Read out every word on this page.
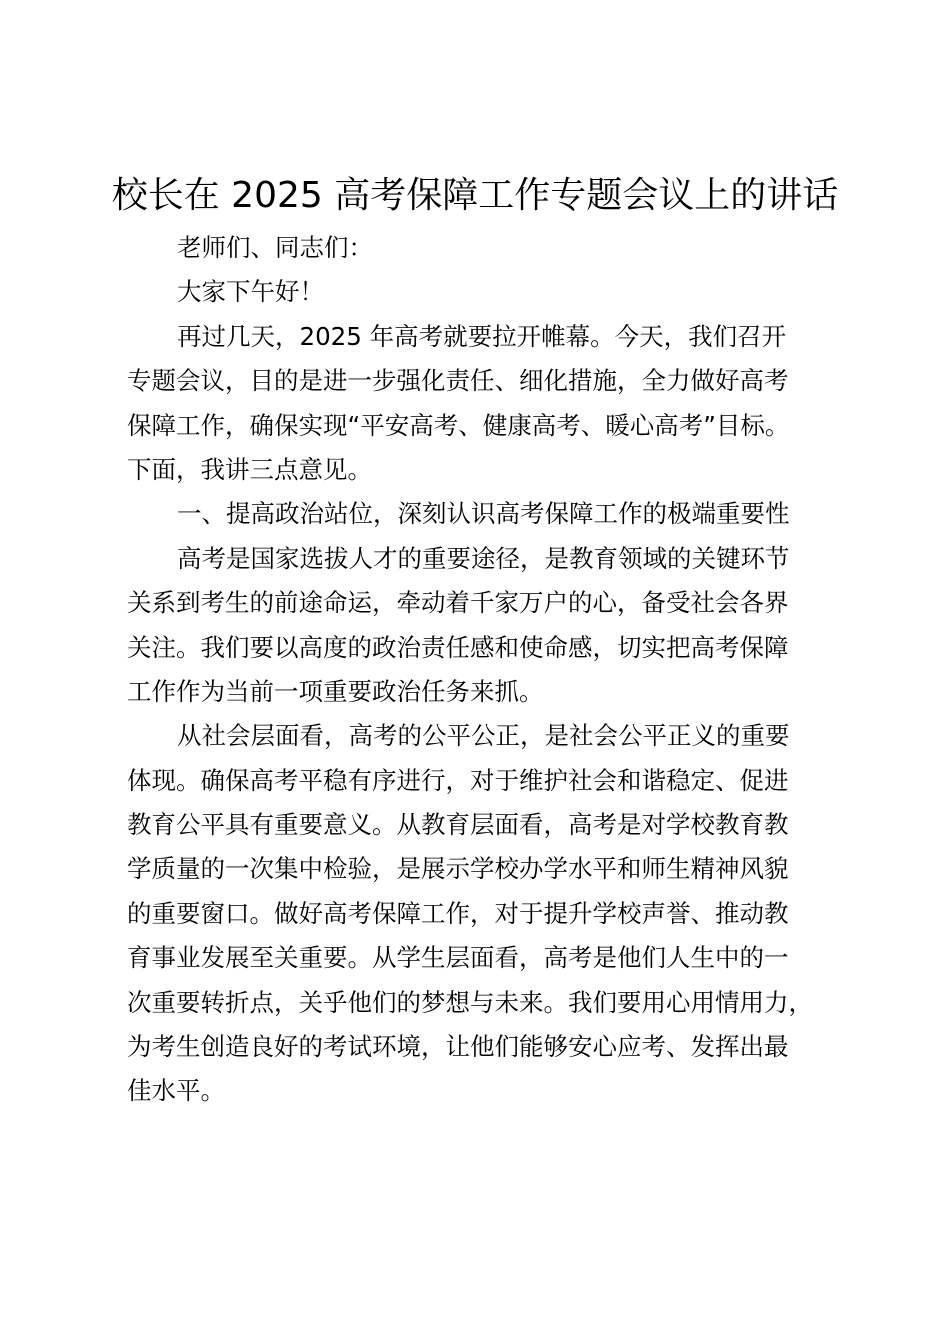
校长在 2025 高考保障工作专题会议上的讲话
老师们、同志们：
大家下午好！
再过几天，2025 年高考就要拉开帷幕。今天，我们召开
专题会议，目的是进一步强化责任、细化措施，全力做好高考
保障工作，确保实现“平安高考、健康高考、暖心高考”目标。
下面，我讲三点意见。
一、提高政治站位，深刻认识高考保障工作的极端重要性
高考是国家选拔人才的重要途径，是教育领域的关键环节
关系到考生的前途命运，牵动着千家万户的心，备受社会各界
关注。我们要以高度的政治责任感和使命感，切实把高考保障
工作作为当前一项重要政治任务来抓。
从社会层面看，高考的公平公正，是社会公平正义的重要
体现。确保高考平稳有序进行，对于维护社会和谐稳定、促进
教育公平具有重要意义。从教育层面看，高考是对学校教育教
学质量的一次集中检验，是展示学校办学水平和师生精神风貌
的重要窗口。做好高考保障工作，对于提升学校声誉、推动教
育事业发展至关重要。从学生层面看，高考是他们人生中的一
次重要转折点，关乎他们的梦想与未来。我们要用心用情用力，
为考生创造良好的考试环境，让他们能够安心应考、发挥出最
佳水平。
